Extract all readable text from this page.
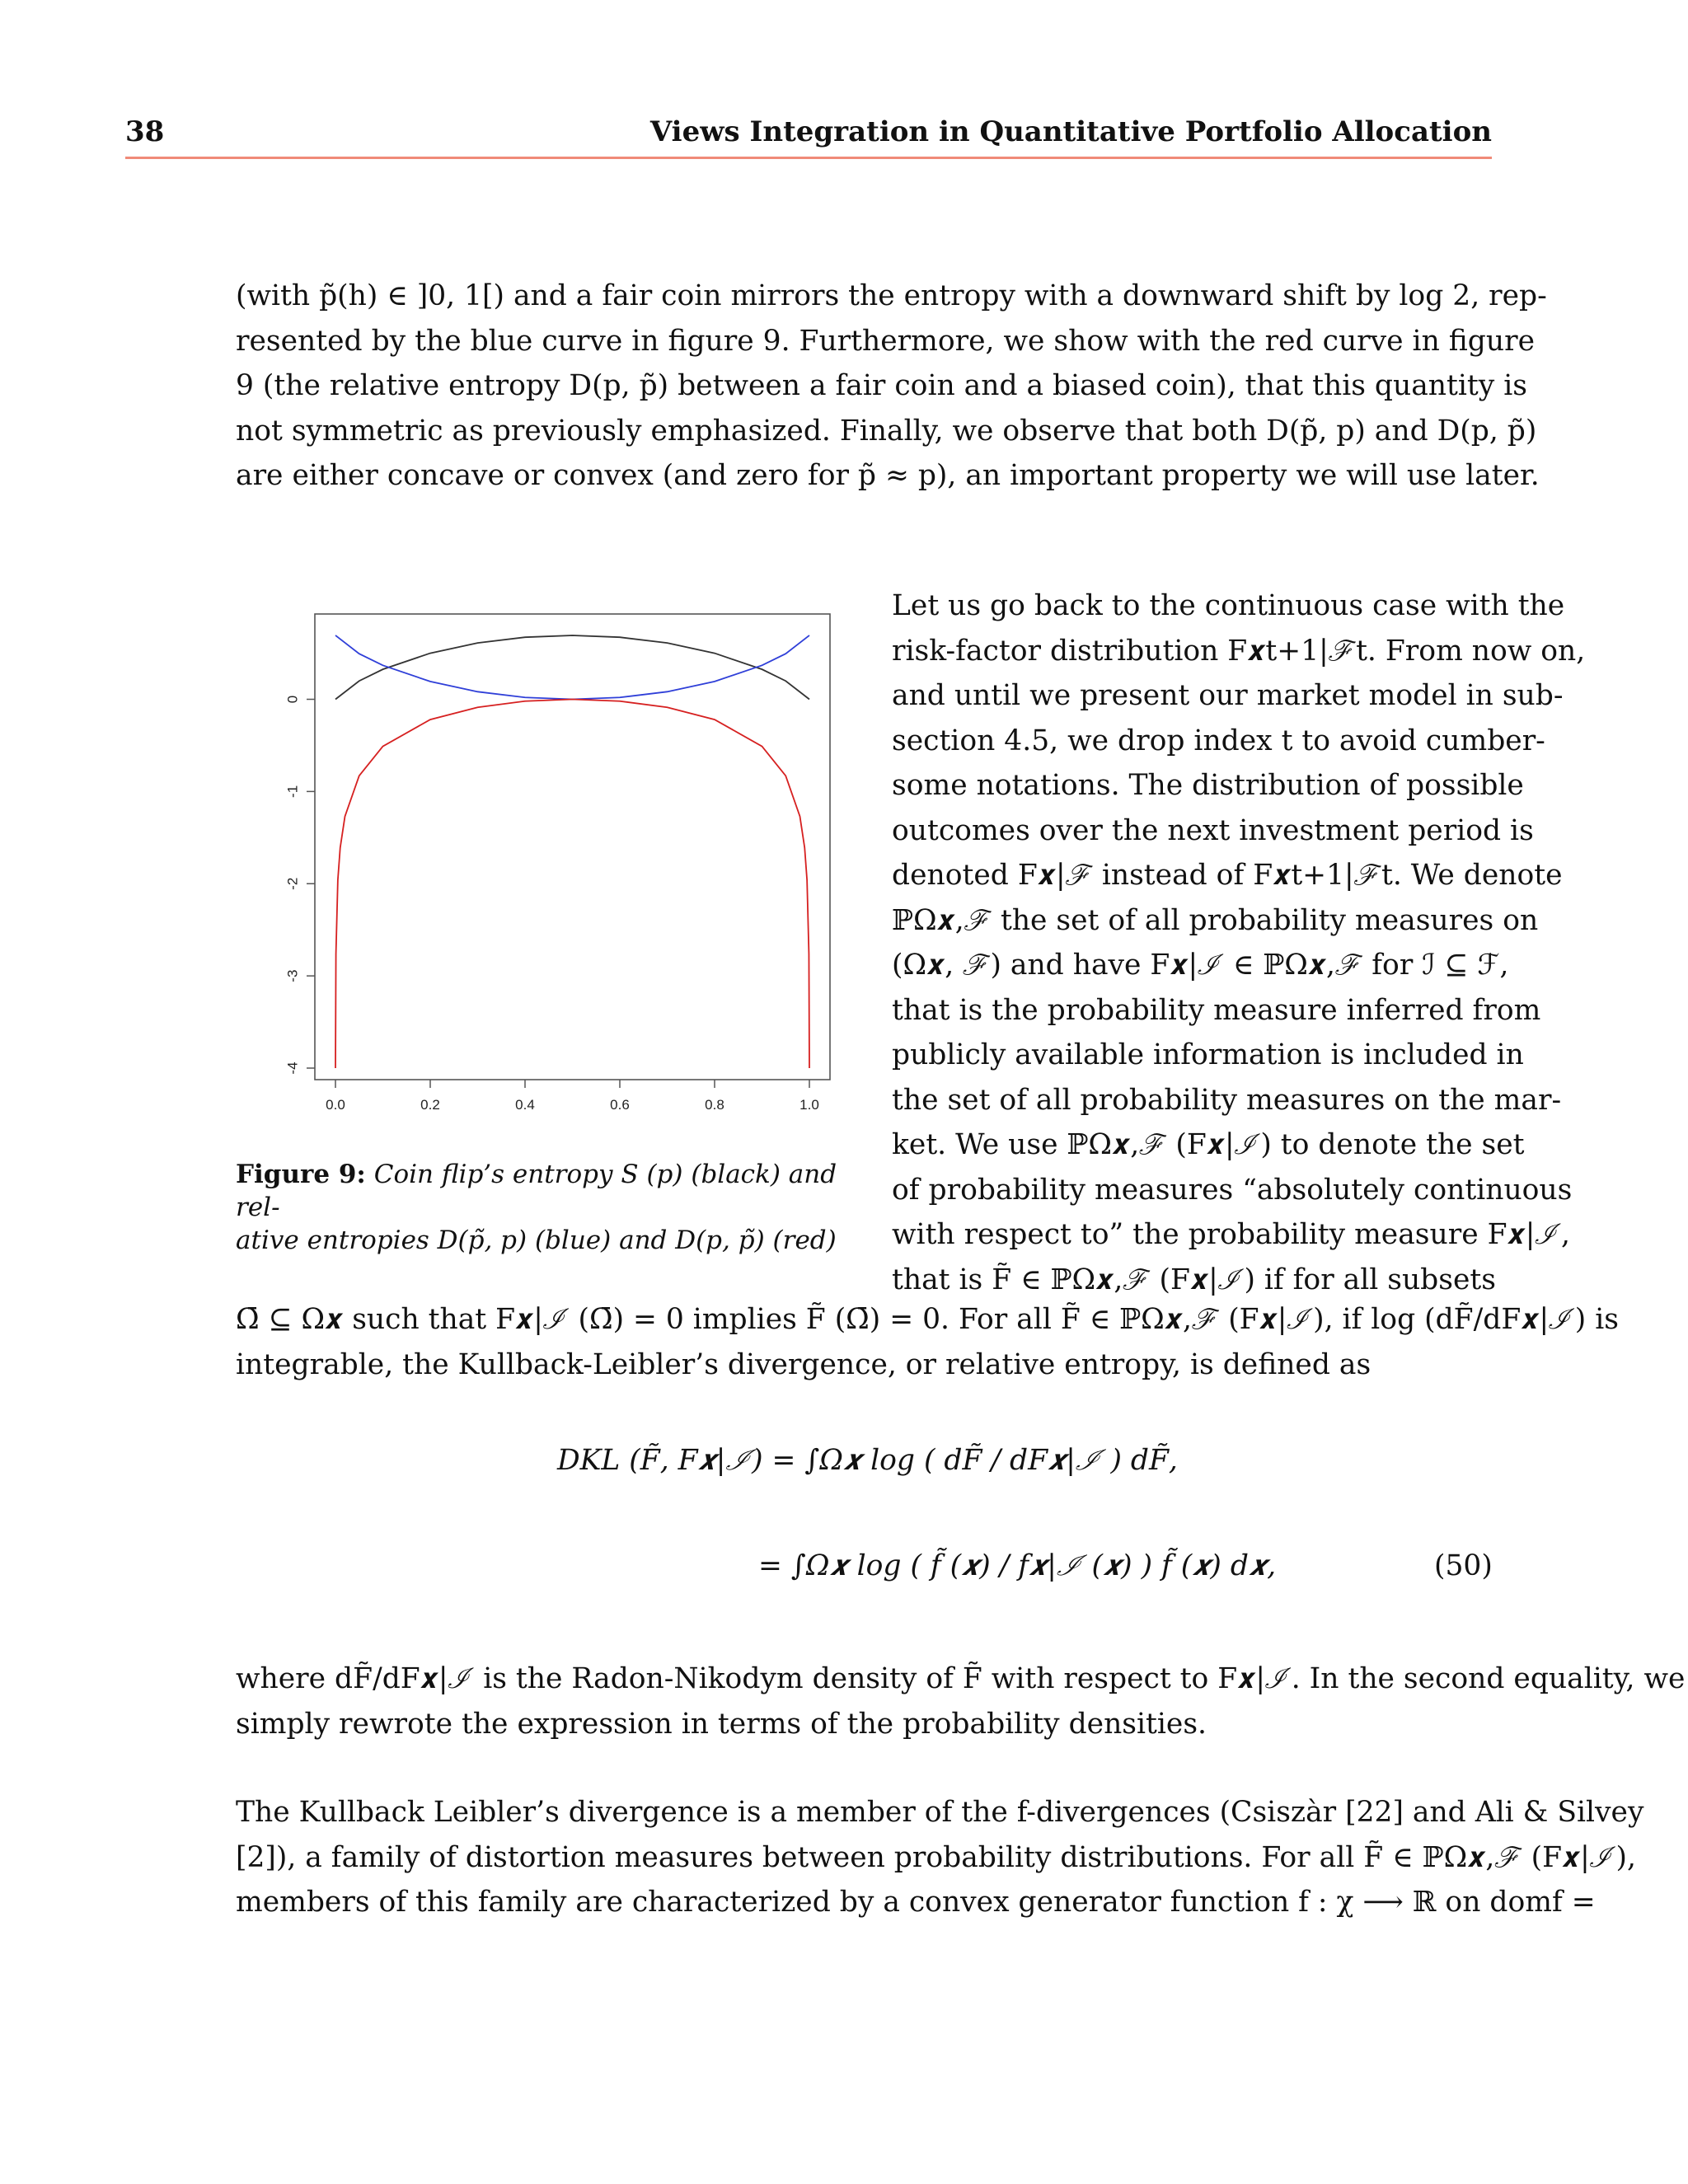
38	Views Integration in Quantitative Portfolio Allocation
(with p̃(h) ∈ ]0, 1[) and a fair coin mirrors the entropy with a downward shift by log 2, rep-
resented by the blue curve in figure 9. Furthermore, we show with the red curve in figure
9 (the relative entropy D(p, p̃) between a fair coin and a biased coin), that this quantity is
not symmetric as previously emphasized. Finally, we observe that both D(p̃, p) and D(p, p̃)
are either concave or convex (and zero for p̃ ≈ p), an important property we will use later.
0
-1
-2
-3
-4
0.0	0.2	0.4	0.6	0.8	1.0
Figure 9: Coin flip’s entropy S (p) (black) and rel-
ative entropies D(p̃, p) (blue) and D(p, p̃) (red)
Let us go back to the continuous case with the
risk-factor distribution F𝒙t+1|ℱt. From now on,
and until we present our market model in sub-
section 4.5, we drop index t to avoid cumber-
some notations. The distribution of possible
outcomes over the next investment period is
denoted F𝒙|ℱ instead of F𝒙t+1|ℱt. We denote
ℙΩ𝒙,ℱ the set of all probability measures on
(Ω𝒙, ℱ) and have F𝒙|ℐ ∈ ℙΩ𝒙,ℱ for ℐ ⊆ ℱ,
that is the probability measure inferred from
publicly available information is included in
the set of all probability measures on the mar-
ket. We use ℙΩ𝒙,ℱ (F𝒙|ℐ) to denote the set
of probability measures “absolutely continuous
with respect to” the probability measure F𝒙|ℐ,
that is F̃ ∈ ℙΩ𝒙,ℱ (F𝒙|ℐ) if for all subsets
Ω̄ ⊆ Ω𝒙 such that F𝒙|ℐ (Ω̄) = 0 implies F̃ (Ω̄) = 0. For all F̃ ∈ ℙΩ𝒙,ℱ (F𝒙|ℐ), if log (dF̃/dF𝒙|ℐ) is
integrable, the Kullback-Leibler’s divergence, or relative entropy, is defined as
DKL (F̃, F𝒙|ℐ) = ∫Ω𝒙 log ( dF̃ / dF𝒙|ℐ ) dF̃,
= ∫Ω𝒙 log ( f̃ (𝒙) / f𝒙|ℐ (𝒙) ) f̃ (𝒙) d𝒙,	(50)
where dF̃/dF𝒙|ℐ is the Radon-Nikodym density of F̃ with respect to F𝒙|ℐ. In the second equality, we
simply rewrote the expression in terms of the probability densities.
The Kullback Leibler’s divergence is a member of the f-divergences (Csiszàr [22] and Ali & Silvey
[2]), a family of distortion measures between probability distributions. For all F̃ ∈ ℙΩ𝒙,ℱ (F𝒙|ℐ),
members of this family are characterized by a convex generator function f : χ ⟶ ℝ on domf =
